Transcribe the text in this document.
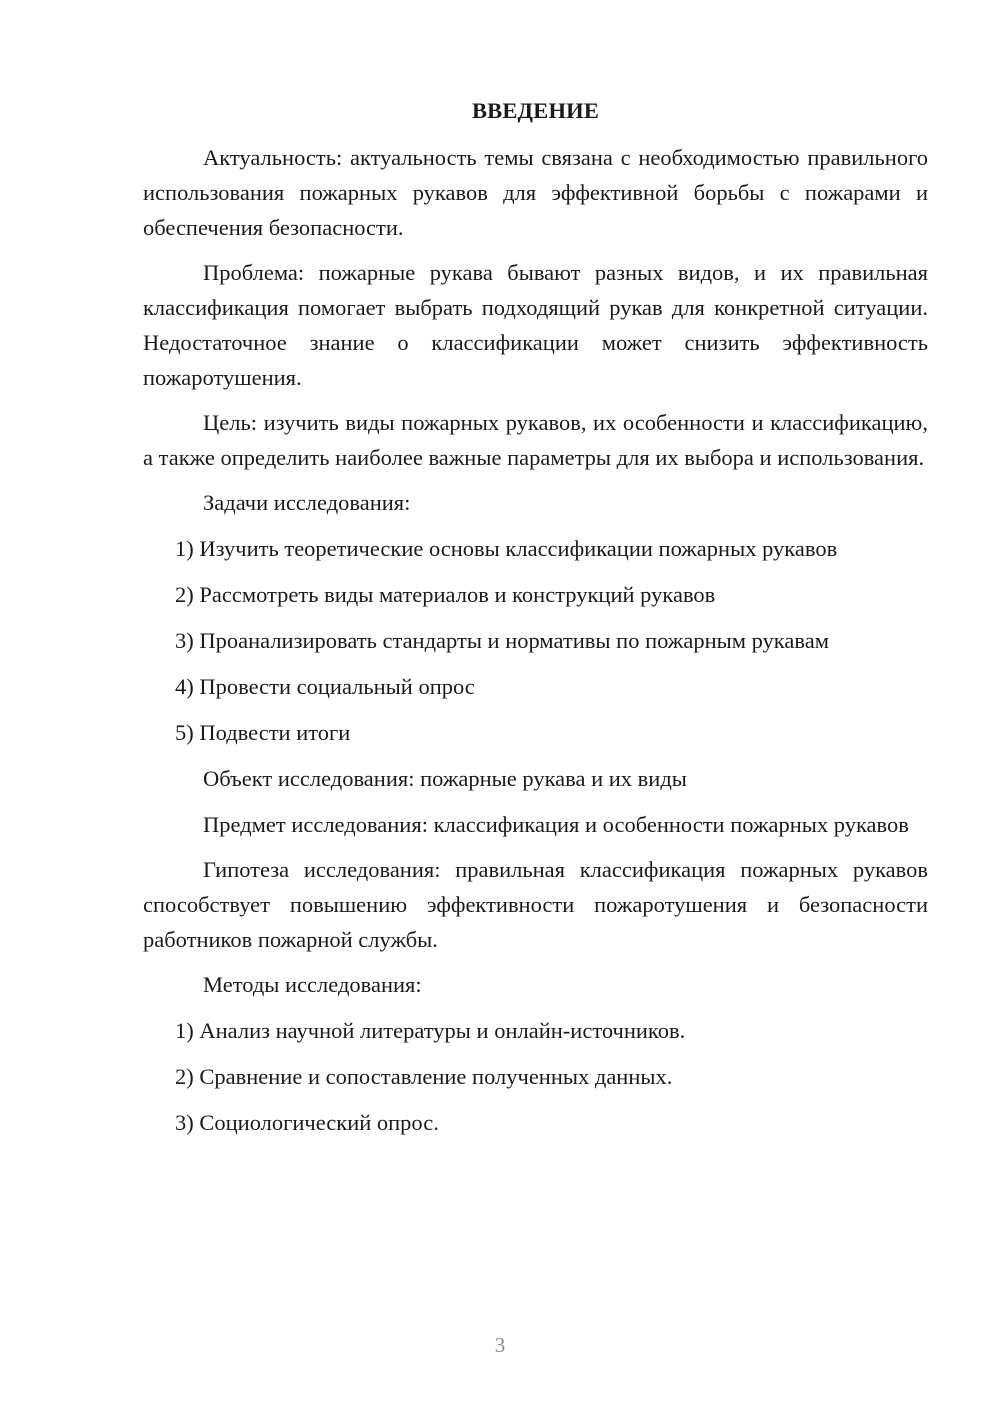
ВВЕДЕНИЕ

Актуальность: актуальность темы связана с необходимостью правильного использования пожарных рукавов для эффективной борьбы с пожарами и обеспечения безопасности.

Проблема: пожарные рукава бывают разных видов, и их правильная классификация помогает выбрать подходящий рукав для конкретной ситуации. Недостаточное знание о классификации может снизить эффективность пожаротушения.

Цель: изучить виды пожарных рукавов, их особенности и классификацию, а также определить наиболее важные параметры для их выбора и использования.

Задачи исследования:
1) Изучить теоретические основы классификации пожарных рукавов
2) Рассмотреть виды материалов и конструкций рукавов
3) Проанализировать стандарты и нормативы по пожарным рукавам
4) Провести социальный опрос
5) Подвести итоги
Объект исследования: пожарные рукава и их виды

Предмет исследования: классификация и особенности пожарных рукавов

Гипотеза исследования: правильная классификация пожарных рукавов способствует повышению эффективности пожаротушения и безопасности работников пожарной службы.

Методы исследования:
1) Анализ научной литературы и онлайн-источников.
2) Сравнение и сопоставление полученных данных.
3) Социологический опрос.
3
